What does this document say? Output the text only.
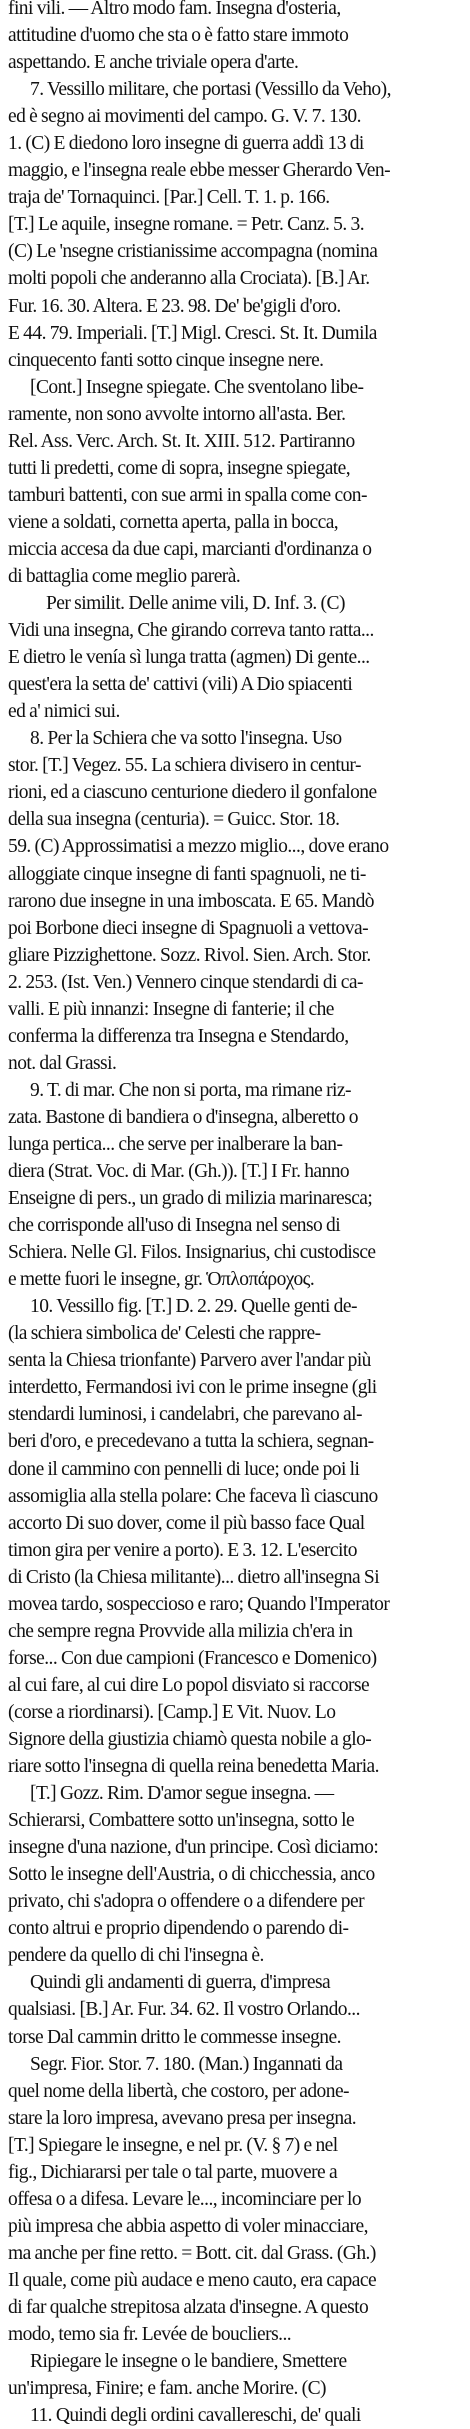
fini vili. — Altro modo fam. Insegna d'osteria,
attitudine d'uomo che sta o è fatto stare immoto
aspettando. E anche triviale opera d'arte.
7. Vessillo militare, che portasi (Vessillo da Veho),
ed è segno ai movimenti del campo. G. V. 7. 130.
1. (C) E diedono loro insegne di guerra addì 13 di
maggio, e l'insegna reale ebbe messer Gherardo Ven-
traja de' Tornaquinci. [Par.] Cell. T. 1. p. 166.
[T.] Le aquile, insegne romane. = Petr. Canz. 5. 3.
(C) Le 'nsegne cristianissime accompagna (nomina
molti popoli che anderanno alla Crociata). [B.] Ar.
Fur. 16. 30. Altera. E 23. 98. De' be'gigli d'oro.
E 44. 79. Imperiali. [T.] Migl. Cresci. St. It. Dumila
cinquecento fanti sotto cinque insegne nere.
[Cont.] Insegne spiegate. Che sventolano libe-
ramente, non sono avvolte intorno all'asta. Ber.
Rel. Ass. Verc. Arch. St. It. XIII. 512. Partiranno
tutti li predetti, come di sopra, insegne spiegate,
tamburi battenti, con sue armi in spalla come con-
viene a soldati, cornetta aperta, palla in bocca,
miccia accesa da due capi, marcianti d'ordinanza o
di battaglia come meglio parerà.
Per similit. Delle anime vili, D. Inf. 3. (C)
Vidi una insegna, Che girando correva tanto ratta...
E dietro le venía sì lunga tratta (agmen) Di gente...
quest'era la setta de' cattivi (vili) A Dio spiacenti
ed a' nimici sui.
8. Per la Schiera che va sotto l'insegna. Uso
stor. [T.] Vegez. 55. La schiera divisero in centur-
rioni, ed a ciascuno centurione diedero il gonfalone
della sua insegna (centuria). = Guicc. Stor. 18.
59. (C) Approssimatisi a mezzo miglio..., dove erano
alloggiate cinque insegne di fanti spagnuoli, ne ti-
rarono due insegne in una imboscata. E 65. Mandò
poi Borbone dieci insegne di Spagnuoli a vettova-
gliare Pizzighettone. Sozz. Rivol. Sien. Arch. Stor.
2. 253. (Ist. Ven.) Vennero cinque stendardi di ca-
valli. E più innanzi: Insegne di fanterie; il che
conferma la differenza tra Insegna e Stendardo,
not. dal Grassi.
9. T. di mar. Che non si porta, ma rimane riz-
zata. Bastone di bandiera o d'insegna, alberetto o
lunga pertica... che serve per inalberare la ban-
diera (Strat. Voc. di Mar. (Gh.)). [T.] I Fr. hanno
Enseigne di pers., un grado di milizia marinaresca;
che corrisponde all'uso di Insegna nel senso di
Schiera. Nelle Gl. Filos. Insignarius, chi custodisce
e mette fuori le insegne, gr. Ὁπλοπάροχος.
10. Vessillo fig. [T.] D. 2. 29. Quelle genti de-
(la schiera simbolica de' Celesti che rappre-
senta la Chiesa trionfante) Parvero aver l'andar più
interdetto, Fermandosi ivi con le prime insegne (gli
stendardi luminosi, i candelabri, che parevano al-
beri d'oro, e precedevano a tutta la schiera, segnan-
done il cammino con pennelli di luce; onde poi li
assomiglia alla stella polare: Che faceva lì ciascuno
accorto Di suo dover, come il più basso face Qual
timon gira per venire a porto). E 3. 12. L'esercito
di Cristo (la Chiesa militante)... dietro all'insegna Si
movea tardo, sospeccioso e raro; Quando l'Imperator
che sempre regna Provvide alla milizia ch'era in
forse... Con due campioni (Francesco e Domenico)
al cui fare, al cui dire Lo popol disviato si raccorse
(corse a riordinarsi). [Camp.] E Vit. Nuov. Lo
Signore della giustizia chiamò questa nobile a glo-
riare sotto l'insegna di quella reina benedetta Maria.
[T.] Gozz. Rim. D'amor segue insegna. —
Schierarsi, Combattere sotto un'insegna, sotto le
insegne d'una nazione, d'un principe. Così diciamo:
Sotto le insegne dell'Austria, o di chicchessia, anco
privato, chi s'adopra o offendere o a difendere per
conto altrui e proprio dipendendo o parendo di-
pendere da quello di chi l'insegna è.
Quindi gli andamenti di guerra, d'impresa
qualsiasi. [B.] Ar. Fur. 34. 62. Il vostro Orlando...
torse Dal cammin dritto le commesse insegne.
Segr. Fior. Stor. 7. 180. (Man.) Ingannati da
quel nome della libertà, che costoro, per adone-
stare la loro impresa, avevano presa per insegna.
[T.] Spiegare le insegne, e nel pr. (V. § 7) e nel
fig., Dichiararsi per tale o tal parte, muovere a
offesa o a difesa. Levare le..., incominciare per lo
più impresa che abbia aspetto di voler minacciare,
ma anche per fine retto. = Bott. cit. dal Grass. (Gh.)
Il quale, come più audace e meno cauto, era capace
di far qualche strepitosa alzata d'insegne. A questo
modo, temo sia fr. Levée de boucliers...
Ripiegare le insegne o le bandiere, Smettere
un'impresa, Finire; e fam. anche Morire. (C)
11. Quindi degli ordini cavallereschi, de' quali
